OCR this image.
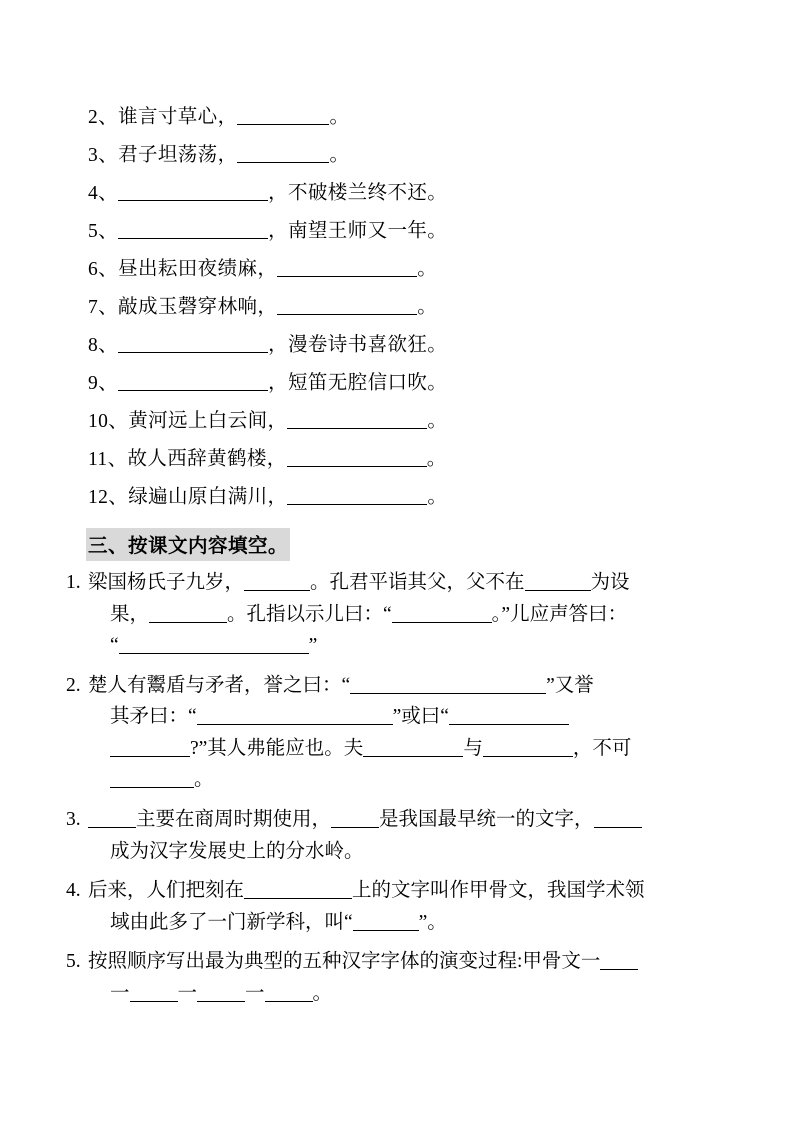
2、谁言寸草心，	。
3、君子坦荡荡，	。
4、	，不破楼兰终不还。
5、	，南望王师又一年。
6、昼出耘田夜绩麻，	。
7、敲成玉磬穿林响，	。
8、	，漫卷诗书喜欲狂。
9、	，短笛无腔信口吹。
10、黄河远上白云间，	。
11、故人西辞黄鹤楼，	。
12、绿遍山原白满川，	。
三、按课文内容填空。
1. 梁国杨氏子九岁，	。孔君平诣其父，父不在	为设
果，	。孔指以示儿曰：“	。”儿应声答曰：
“	”
2. 楚人有鬻盾与矛者，誉之曰：“	”又誉
其矛曰：“	”或曰“
?”其人弗能应也。夫	与	，不可
。
3.	主要在商周时期使用， 是我国最早统一的文字，
成为汉字发展史上的分水岭。
4. 后来，人们把刻在	上的文字叫作甲骨文，我国学术领
域由此多了一门新学科，叫“	”。
5. 按照顺序写出最为典型的五种汉字字体的演变过程:甲骨文一
一 一 一 。
